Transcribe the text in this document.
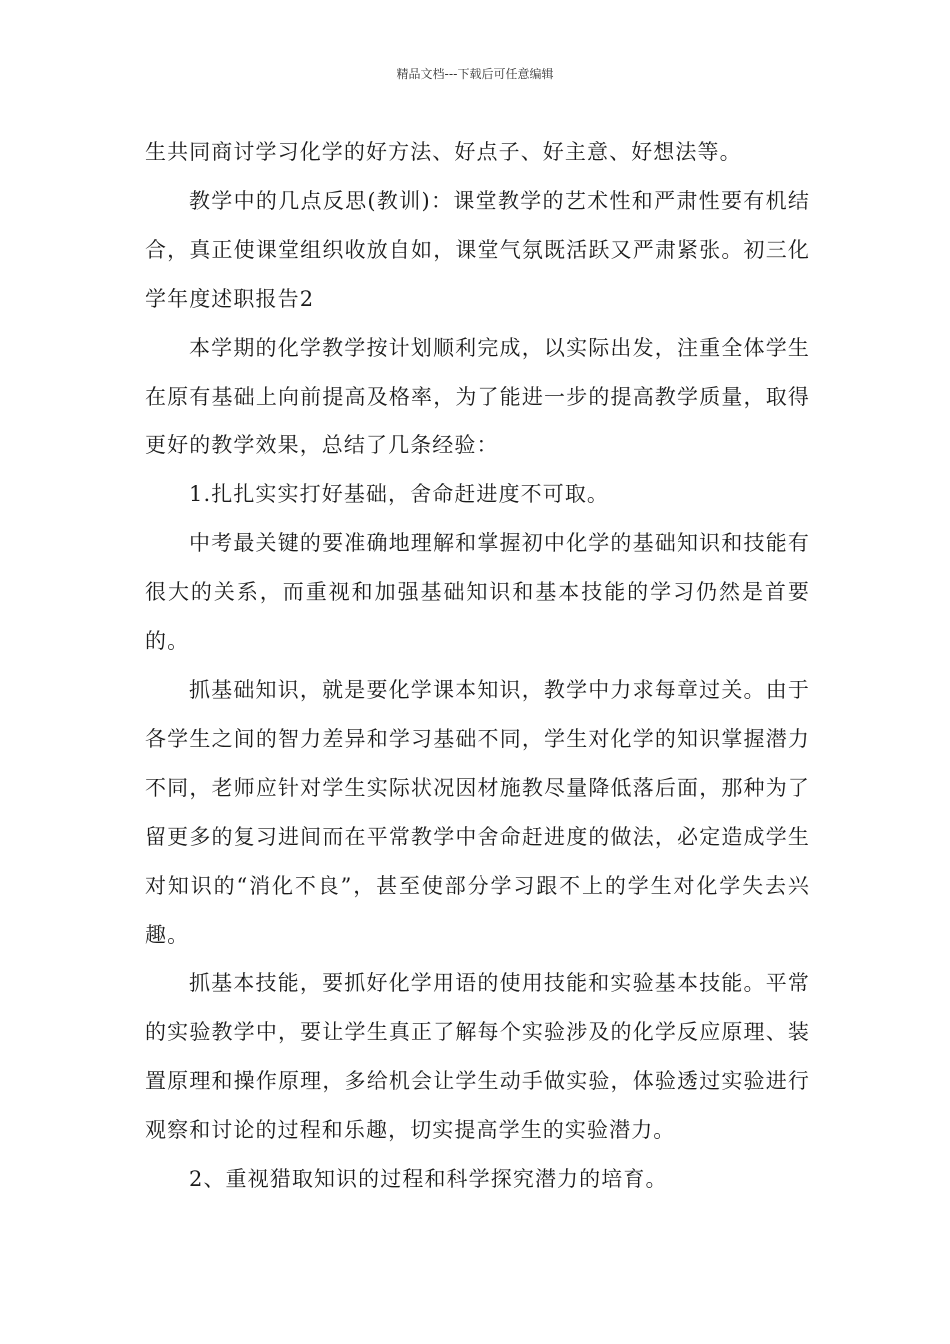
精品文档---下载后可任意编辑

生共同商讨学习化学的好方法、好点子、好主意、好想法等。

教学中的几点反思(教训)：课堂教学的艺术性和严肃性要有机结合，真正使课堂组织收放自如，课堂气氛既活跃又严肃紧张。初三化学年度述职报告2

本学期的化学教学按计划顺利完成，以实际出发，注重全体学生在原有基础上向前提高及格率，为了能进一步的提高教学质量，取得更好的教学效果，总结了几条经验：

1.扎扎实实打好基础，舍命赶进度不可取。

中考最关键的要准确地理解和掌握初中化学的基础知识和技能有很大的关系，而重视和加强基础知识和基本技能的学习仍然是首要的。

抓基础知识，就是要化学课本知识，教学中力求每章过关。由于各学生之间的智力差异和学习基础不同，学生对化学的知识掌握潜力不同，老师应针对学生实际状况因材施教尽量降低落后面，那种为了留更多的复习进间而在平常教学中舍命赶进度的做法，必定造成学生对知识的“消化不良”，甚至使部分学习跟不上的学生对化学失去兴趣。

抓基本技能，要抓好化学用语的使用技能和实验基本技能。平常的实验教学中，要让学生真正了解每个实验涉及的化学反应原理、装置原理和操作原理，多给机会让学生动手做实验，体验透过实验进行观察和讨论的过程和乐趣，切实提高学生的实验潜力。

2、重视猎取知识的过程和科学探究潜力的培育。
